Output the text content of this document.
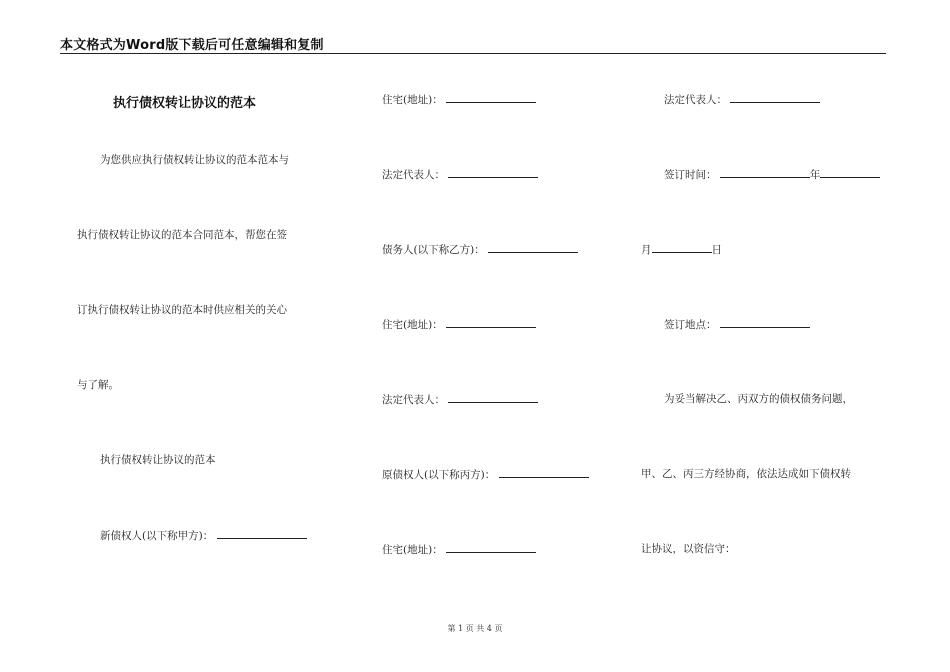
本文格式为Word版下载后可任意编辑和复制
执行债权转让协议的范本
为您供应执行债权转让协议的范本范本与
执行债权转让协议的范本合同范本，帮您在签
订执行债权转让协议的范本时供应相关的关心
与了解。
执行债权转让协议的范本
新债权人(以下称甲方)：
住宅(地址)：
法定代表人：
债务人(以下称乙方)：
住宅(地址)：
法定代表人：
原债权人(以下称丙方)：
住宅(地址)：
法定代表人：
签订时间：	年
月	日
签订地点：
为妥当解决乙、丙双方的债权债务问题，
甲、乙、丙三方经协商，依法达成如下债权转
让协议，以资信守：
第 1 页 共 4 页
